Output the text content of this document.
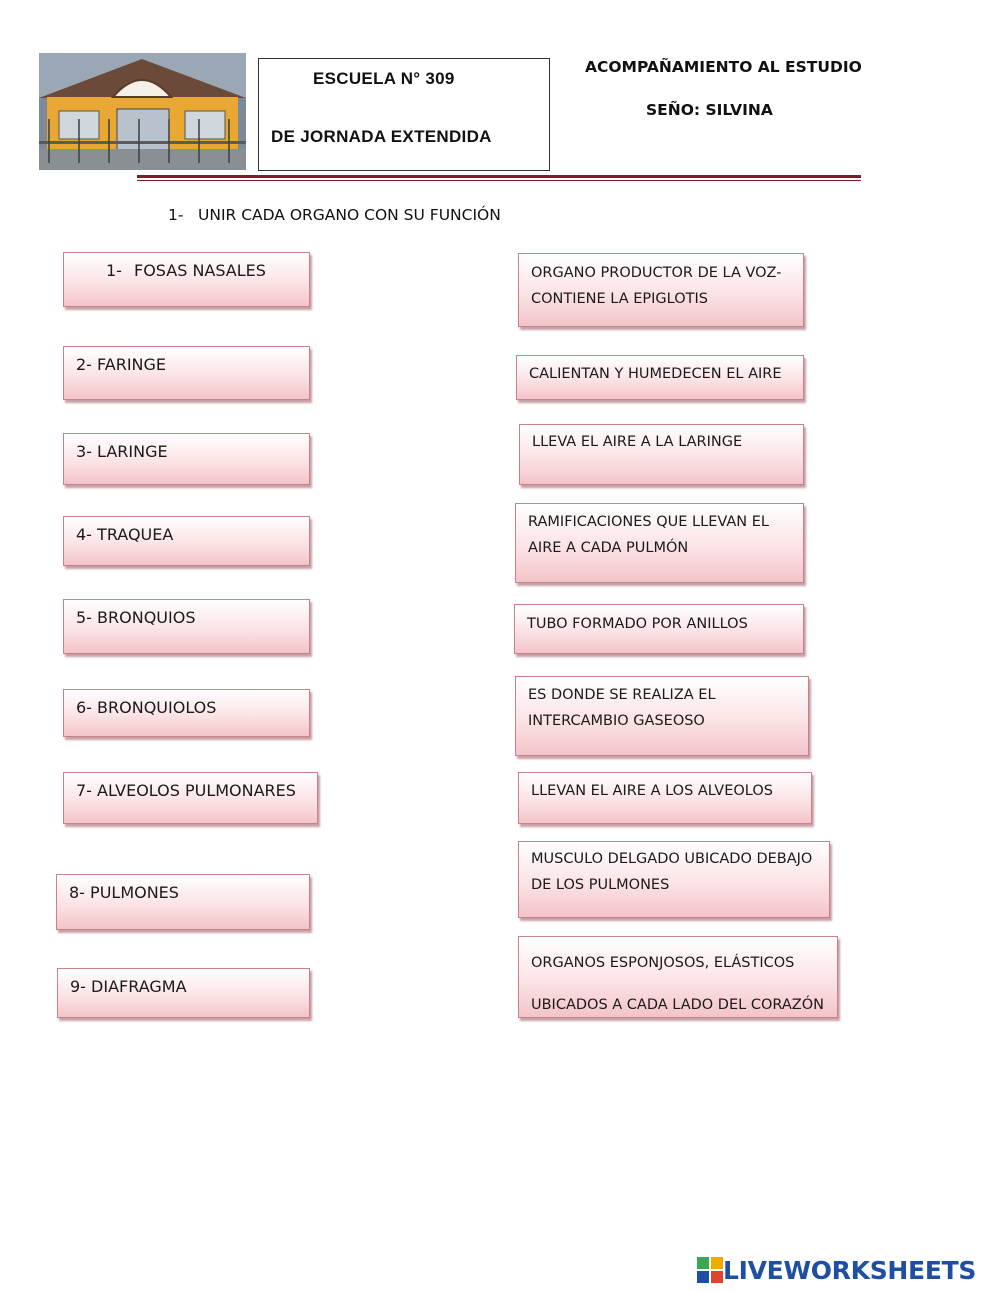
ESCUELA N° 309
DE JORNADA EXTENDIDA
ACOMPAÑAMIENTO AL ESTUDIO
SEÑO: SILVINA
1- UNIR CADA ORGANO CON SU FUNCIÓN
1- FOSAS NASALES
2- FARINGE
3- LARINGE
4- TRAQUEA
5- BRONQUIOS
6- BRONQUIOLOS
7- ALVEOLOS PULMONARES
8- PULMONES
9- DIAFRAGMA
ORGANO PRODUCTOR DE LA VOZ-
CONTIENE LA EPIGLOTIS
CALIENTAN Y HUMEDECEN EL AIRE
LLEVA EL AIRE A LA LARINGE
RAMIFICACIONES QUE LLEVAN EL
AIRE A CADA PULMÓN
TUBO FORMADO POR ANILLOS
ES DONDE SE REALIZA EL
INTERCAMBIO GASEOSO
LLEVAN EL AIRE A LOS ALVEOLOS
MUSCULO DELGADO UBICADO DEBAJO
DE LOS PULMONES
ORGANOS ESPONJOSOS, ELÁSTICOS
UBICADOS A CADA LADO DEL CORAZÓN
LIVEWORKSHEETS
